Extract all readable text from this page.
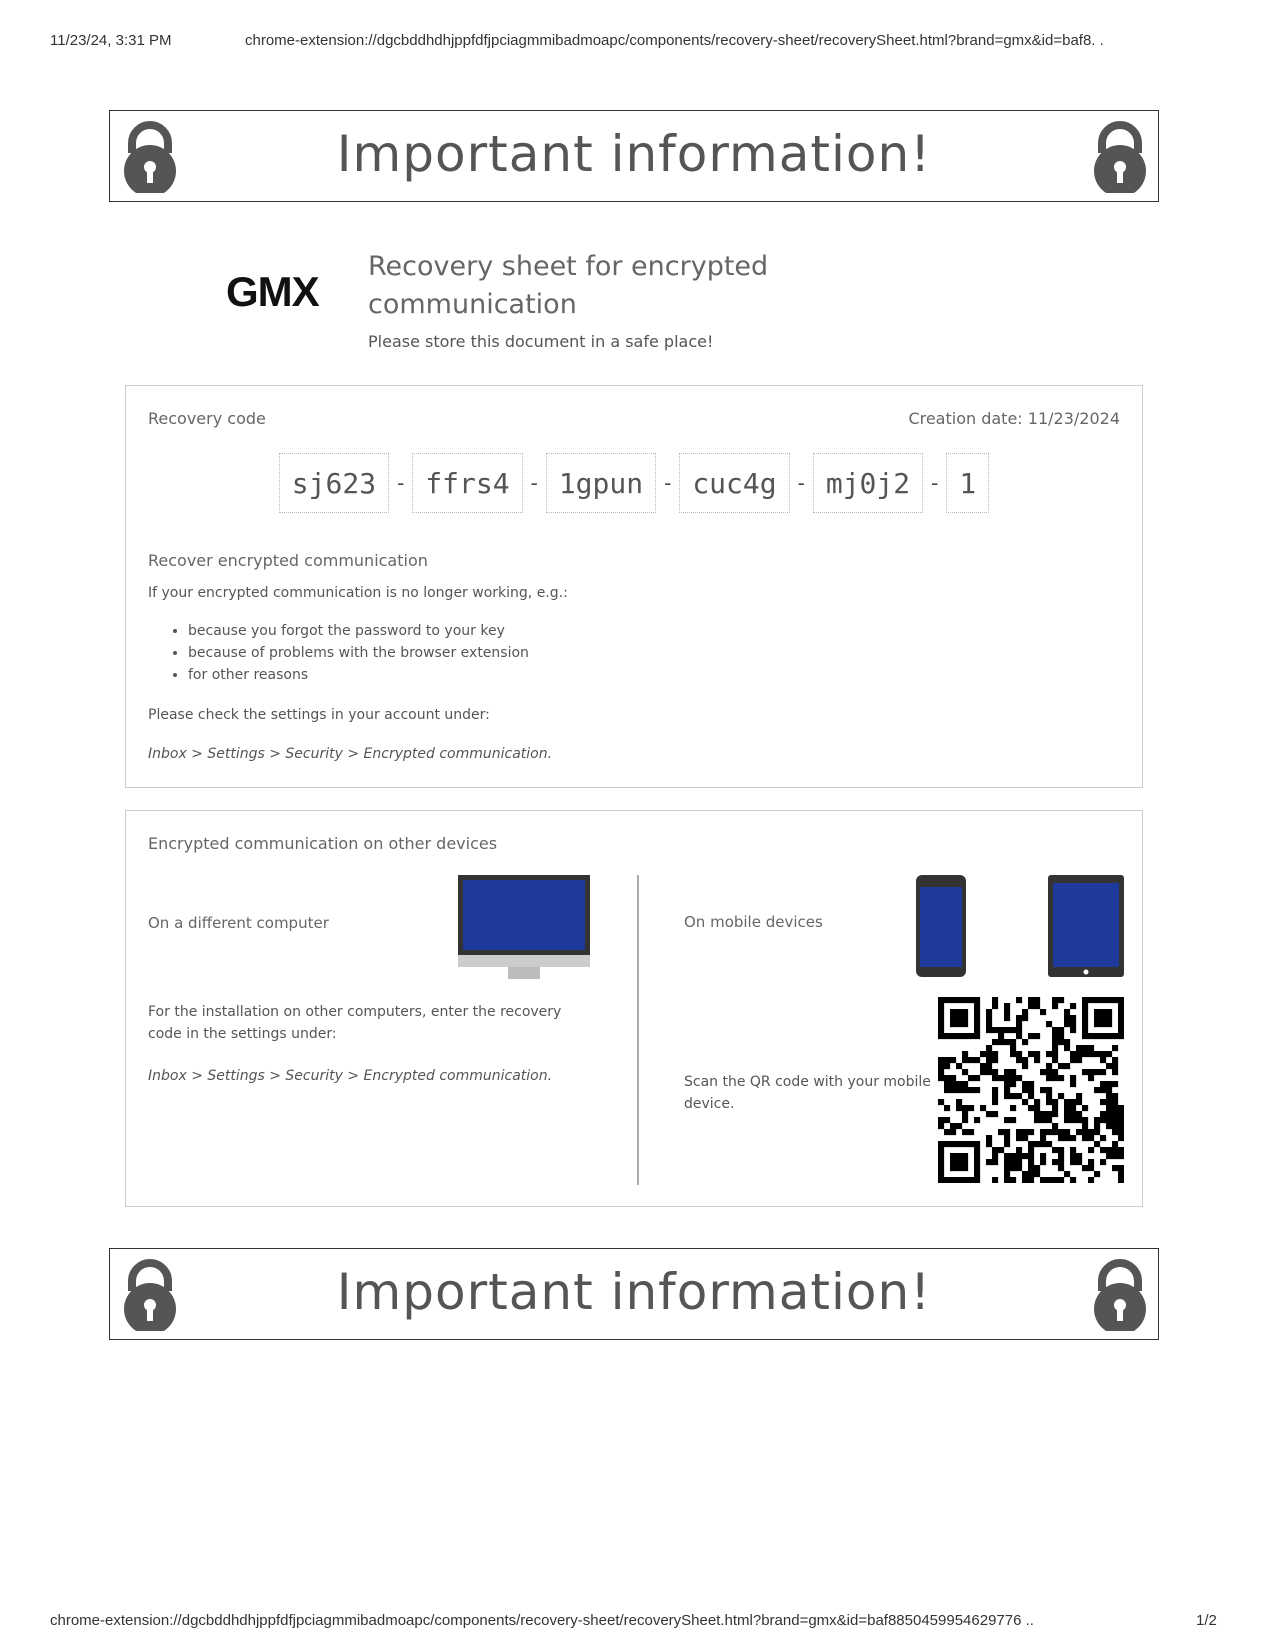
11/23/24, 3:31 PM	chrome-extension://dgcbddhdhjppfdfjpciagmmibadmoapc/components/recovery-sheet/recoverySheet.html?brand=gmx&id=baf8. .
Important information!
GMX
Recovery sheet for encrypted communication
Please store this document in a safe place!
Recovery code	Creation date: 11/23/2024
sj623	- ffrs4	- 1gpun	- cuc4g	- mj0j2	- 1
Recover encrypted communication
If your encrypted communication is no longer working, e.g.:
• because you forgot the password to your key
• because of problems with the browser extension
• for other reasons
Please check the settings in your account under:
Inbox > Settings > Security > Encrypted communication.
Encrypted communication on other devices
On a different computer
For the installation on other computers, enter the recovery code in the settings under:
Inbox > Settings > Security > Encrypted communication.
On mobile devices
Scan the QR code with your mobile device.
Important information!
chrome-extension://dgcbddhdhjppfdfjpciagmmibadmoapc/components/recovery-sheet/recoverySheet.html?brand=gmx&id=baf8850459954629776 ..	1/2
